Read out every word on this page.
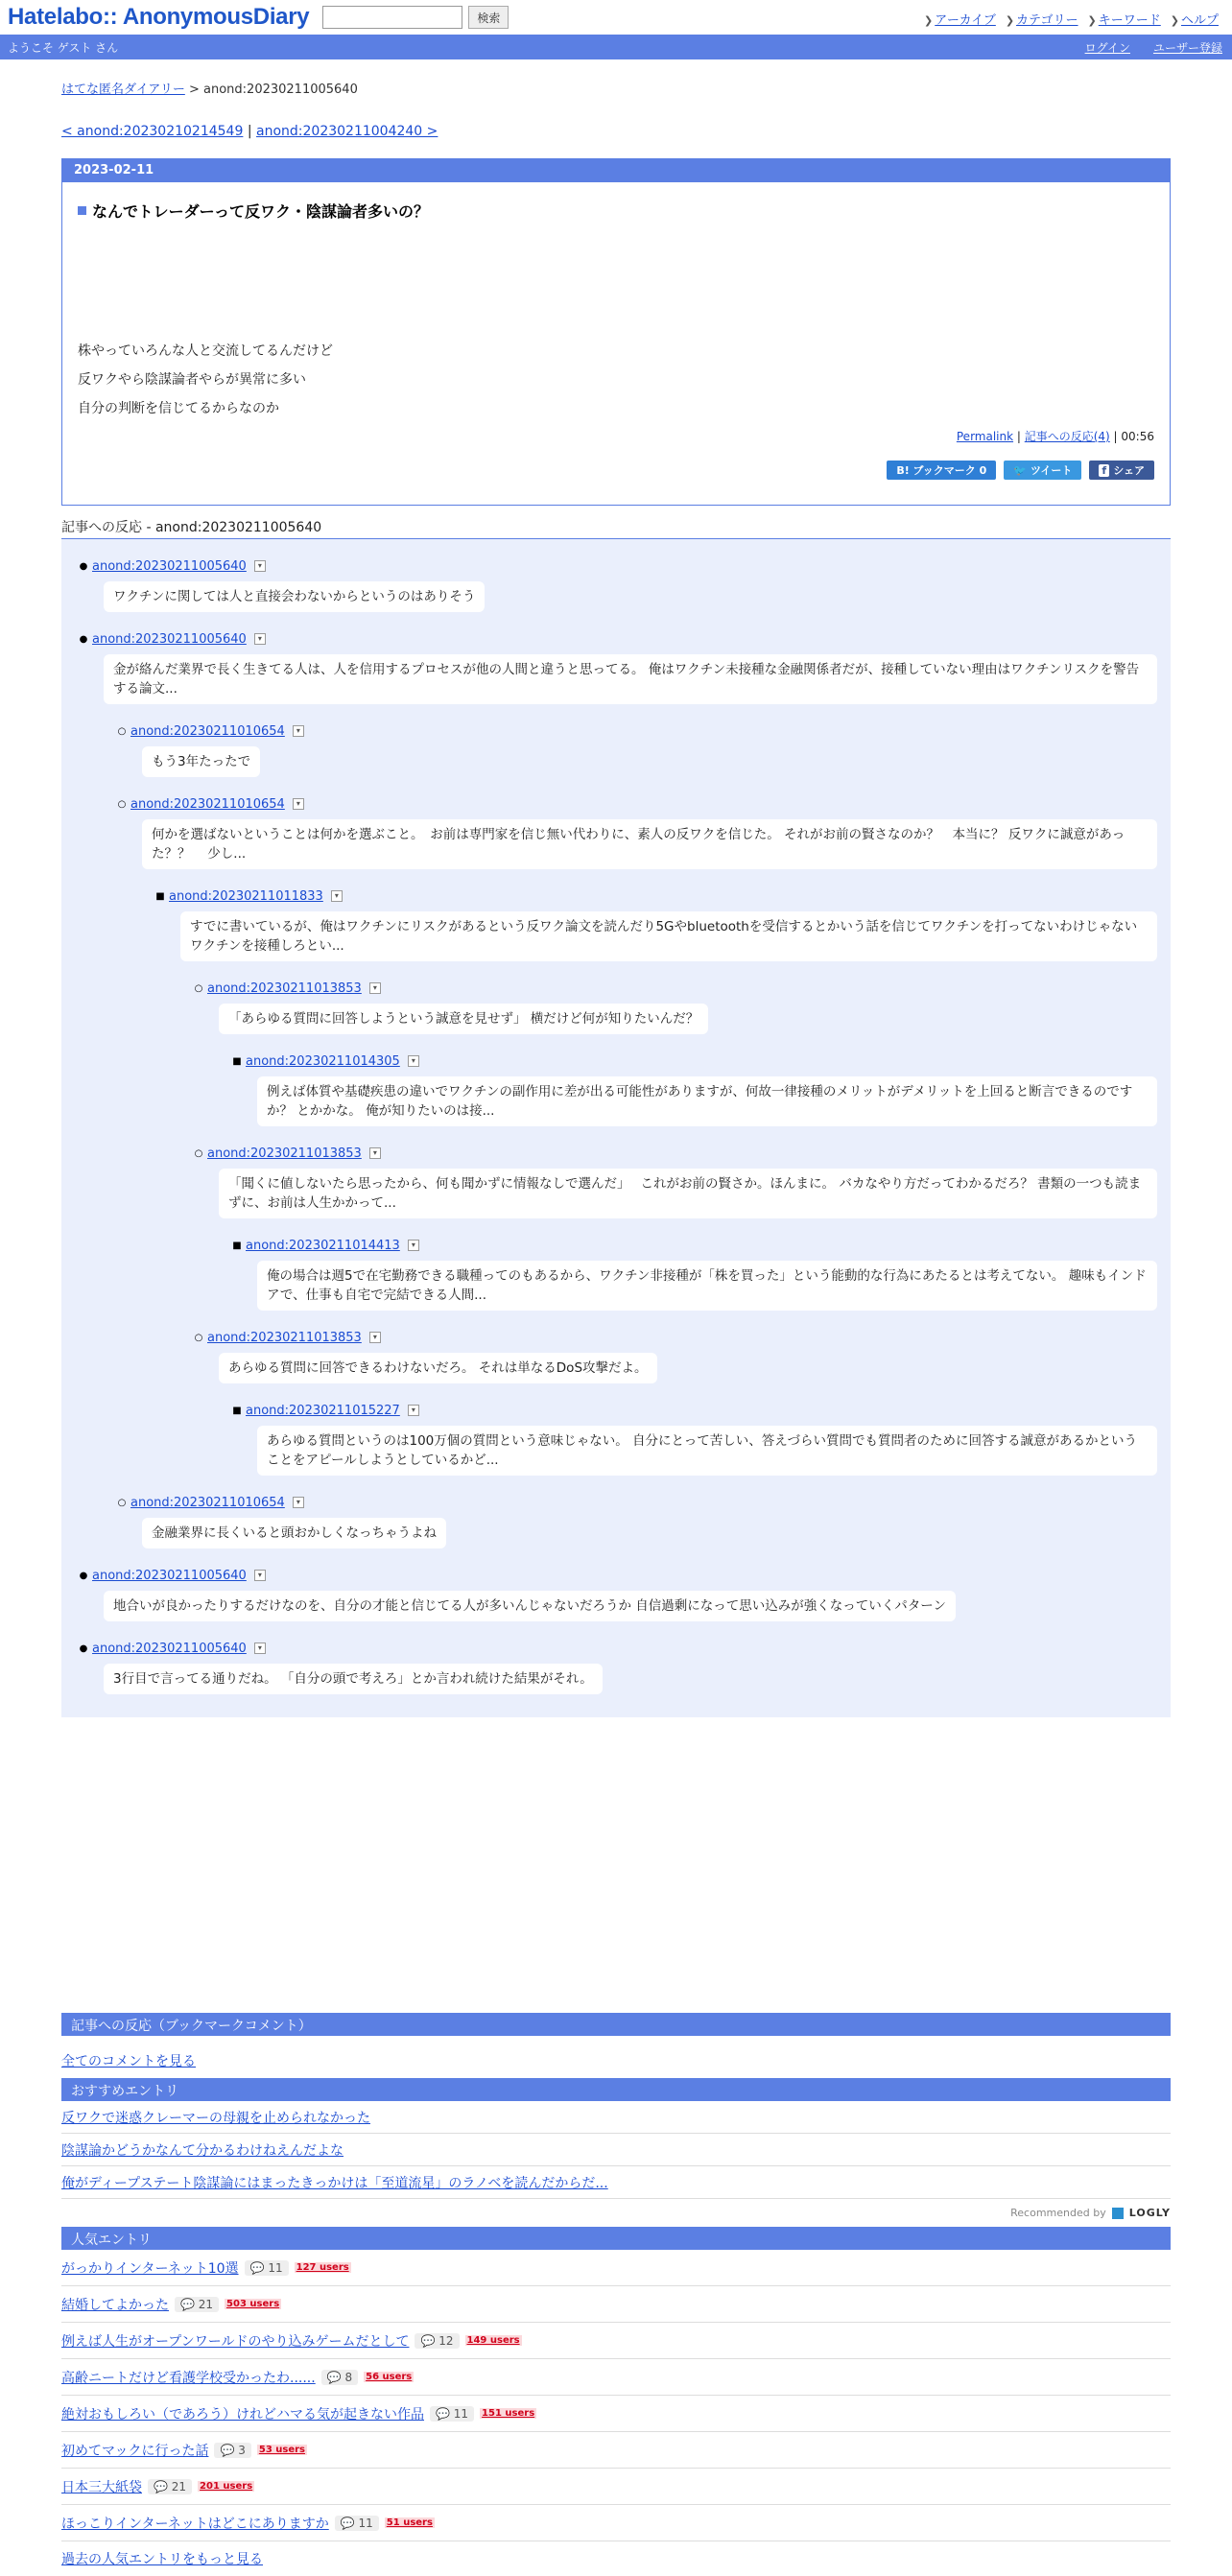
Hatelabo:: AnonymousDiary	検索	❯ アーカイブ ❯ カテゴリー ❯ キーワード ❯ ヘルプ
ようこそ ゲスト さん	ログイン ユーザー登録
はてな匿名ダイアリー > anond:20230211005640
< anond:20230210214549 | anond:20230211004240 >
2023-02-11
なんでトレーダーって反ワク・陰謀論者多いの？
株やっていろんな人と交流してるんだけど
反ワクやら陰謀論者やらが異常に多い
自分の判断を信じてるからなのか
Permalink | 記事への反応(4) | 00:56
B! ブックマーク 0	🐦 ツイート	f シェア
記事への反応 - anond:20230211005640
● anond:20230211005640	▾
ワクチンに関しては人と直接会わないからというのはありそう
● anond:20230211005640	▾
金が絡んだ業界で長く生きてる人は、人を信用するプロセスが他の人間と違うと思ってる。 俺はワクチン未接種な金融関係者だが、接種していない理由はワクチンリスクを警告する論文...
○ anond:20230211010654	▾
もう3年たったで
○ anond:20230211010654	▾
何かを選ばないということは何かを選ぶこと。　お前は専門家を信じ無い代わりに、素人の反ワクを信じた。 それがお前の賢さなのか？　本当に？ 反ワクに誠意があった？？　 少し...
■ anond:20230211011833	▾
すでに書いているが、俺はワクチンにリスクがあるという反ワク論文を読んだり5Gやbluetoothを受信するとかいう話を信じてワクチンを打ってないわけじゃない ワクチンを接種しろとい...
○ anond:20230211013853	▾
「あらゆる質問に回答しようという誠意を見せず」 横だけど何が知りたいんだ？
■ anond:20230211014305	▾
例えば体質や基礎疾患の違いでワクチンの副作用に差が出る可能性がありますが、何故一律接種のメリットがデメリットを上回ると断言できるのですか？ とかかな。 俺が知りたいのは接...
○ anond:20230211013853	▾
「聞くに値しないたら思ったから、何も聞かずに情報なしで選んだ」　 これがお前の賢さか。ほんまに。 バカなやり方だってわかるだろ？ 書類の一つも読まずに、お前は人生かかって...
■ anond:20230211014413	▾
俺の場合は週5で在宅勤務できる職種ってのもあるから、ワクチン非接種が「株を買った」という能動的な行為にあたるとは考えてない。 趣味もインドアで、仕事も自宅で完結できる人間...
○ anond:20230211013853	▾
あらゆる質問に回答できるわけないだろ。 それは単なるDoS攻撃だよ。
■ anond:20230211015227	▾
あらゆる質問というのは100万個の質問という意味じゃない。 自分にとって苦しい、答えづらい質問でも質問者のために回答する誠意があるかということをアピールしようとしているかど...
○ anond:20230211010654	▾
金融業界に長くいると頭おかしくなっちゃうよね
● anond:20230211005640	▾
地合いが良かったりするだけなのを、自分の才能と信じてる人が多いんじゃないだろうか 自信過剰になって思い込みが強くなっていくパターン
● anond:20230211005640	▾
3行目で言ってる通りだね。 「自分の頭で考えろ」とか言われ続けた結果がそれ。
記事への反応（ブックマークコメント）
全てのコメントを見る
おすすめエントリ
反ワクで迷惑クレーマーの母親を止められなかった
陰謀論かどうかなんて分かるわけねえんだよな
俺がディープステート陰謀論にはまったきっかけは「至道流星」のラノベを読んだからだ...
Recommended by LOGLY
人気エントリ
がっかりインターネット10選	💬 11	127 users
結婚してよかった	💬 21	503 users
例えば人生がオープンワールドのやり込みゲームだとして	💬 12	149 users
高齢ニートだけど看護学校受かったわ......	💬 8	56 users
絶対おもしろい（であろう）けれどハマる気が起きない作品	💬 11	151 users
初めてマックに行った話	💬 3	53 users
日本三大紙袋	💬 21	201 users
ほっこりインターネットはどこにありますか	💬 11	51 users
過去の人気エントリをもっと見る
